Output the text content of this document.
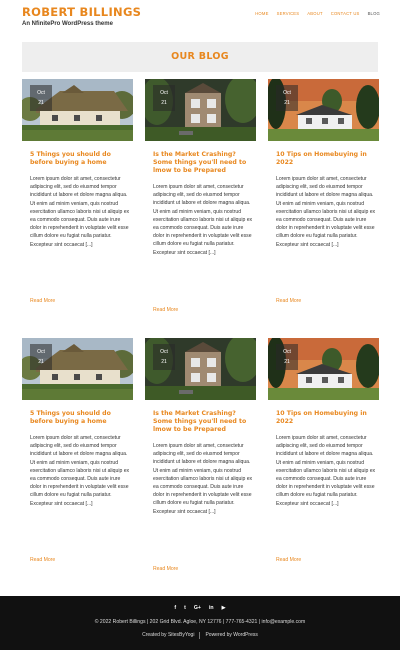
ROBERT BILLINGS
An NfinitePro WordPress theme
HOME SERVICES ABOUT CONTACT US BLOG
OUR BLOG
Oct
21
5 Things you should do before buying a home
Lorem ipsum dolor sit amet, consectetur adipiscing elit, sed do eiusmod tempor incididunt ut labore et dolore magna aliqua. Ut enim ad minim veniam, quis nostrud exercitation ullamco laboris nisi ut aliquip ex ea commodo consequat. Duis aute irure dolor in reprehenderit in voluptate velit esse cillum dolore eu fugiat nulla pariatur. Excepteur sint occaecat [...]
Read More
Oct
21
Is the Market Crashing? Some things you'll need to lmow to be Prepared
Lorem ipsum dolor sit amet, consectetur adipiscing elit, sed do eiusmod tempor incididunt ut labore et dolore magna aliqua. Ut enim ad minim veniam, quis nostrud exercitation ullamco laboris nisi ut aliquip ex ea commodo consequat. Duis aute irure dolor in reprehenderit in voluptate velit esse cillum dolore eu fugiat nulla pariatur. Excepteur sint occaecat [...]
Read More
Oct
21
10 Tips on Homebuying in 2022
Lorem ipsum dolor sit amet, consectetur adipiscing elit, sed do eiusmod tempor incididunt ut labore et dolore magna aliqua. Ut enim ad minim veniam, quis nostrud exercitation ullamco laboris nisi ut aliquip ex ea commodo consequat. Duis aute irure dolor in reprehenderit in voluptate velit esse cillum dolore eu fugiat nulla pariatur. Excepteur sint occaecat [...]
Read More
Oct
21
5 Things you should do before buying a home
Lorem ipsum dolor sit amet, consectetur adipiscing elit, sed do eiusmod tempor incididunt ut labore et dolore magna aliqua. Ut enim ad minim veniam, quis nostrud exercitation ullamco laboris nisi ut aliquip ex ea commodo consequat. Duis aute irure dolor in reprehenderit in voluptate velit esse cillum dolore eu fugiat nulla pariatur. Excepteur sint occaecat [...]
Read More
Oct
21
Is the Market Crashing? Some things you'll need to lmow to be Prepared
Lorem ipsum dolor sit amet, consectetur adipiscing elit, sed do eiusmod tempor incididunt ut labore et dolore magna aliqua. Ut enim ad minim veniam, quis nostrud exercitation ullamco laboris nisi ut aliquip ex ea commodo consequat. Duis aute irure dolor in reprehenderit in voluptate velit esse cillum dolore eu fugiat nulla pariatur. Excepteur sint occaecat [...]
Read More
Oct
21
10 Tips on Homebuying in 2022
Lorem ipsum dolor sit amet, consectetur adipiscing elit, sed do eiusmod tempor incididunt ut labore et dolore magna aliqua. Ut enim ad minim veniam, quis nostrud exercitation ullamco laboris nisi ut aliquip ex ea commodo consequat. Duis aute irure dolor in reprehenderit in voluptate velit esse cillum dolore eu fugiat nulla pariatur. Excepteur sint occaecat [...]
Read More
f t G+ in ▶
© 2022 Robert Billings | 202 Grid Blvd. Agloe, NY 12776 | 777-765-4321 | info@example.com
Created by SitesByYogi Powered by WordPress
